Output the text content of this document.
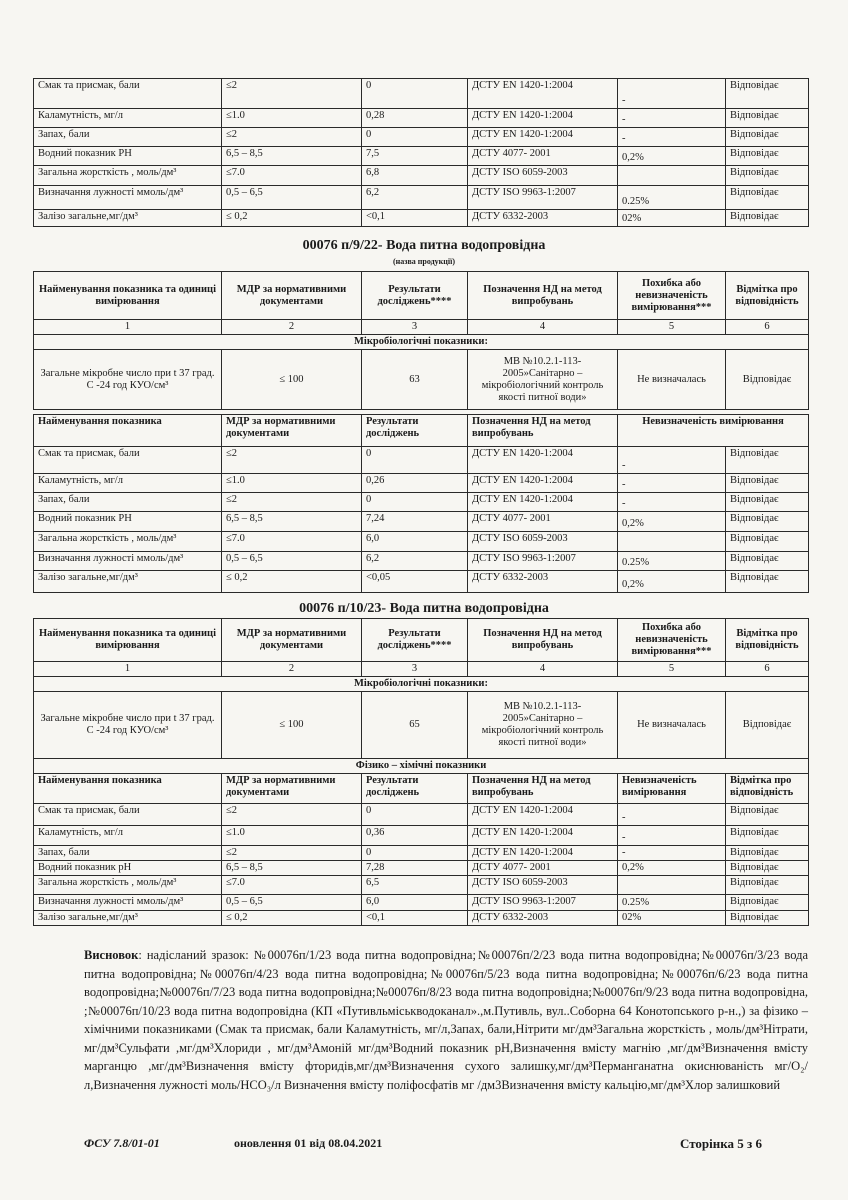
Смак та присмак, бали	≤2	0	ДСТУ EN 1420-1:2004	-	Відповідає
Каламутність, мг/л	≤1.0	0,28	ДСТУ EN 1420-1:2004	-	Відповідає
Запах, бали	≤2	0	ДСТУ EN 1420-1:2004	-	Відповідає
Водний показник PH	6,5 – 8,5	7,5	ДСТУ 4077- 2001	0,2%	Відповідає
Загальна жорсткість , моль/дм³	≤7.0	6,8	ДСТУ ISO 6059-2003		Відповідає
Визначання лужності ммоль/дм³	0,5 – 6,5	6,2	ДСТУ ISO 9963-1:2007	0.25%	Відповідає
Залізо загальне,мг/дм³	≤ 0,2	<0,1	ДСТУ 6332-2003	02%	Відповідає
00076 п/9/22- Вода питна водопровідна
(назва продукції)
Найменування показника та одиниці вимірювання	МДР за нормативними документами	Результати досліджень****	Позначення НД на метод випробувань	Похибка або невизначеність вимірювання***	Відмітка про відповідність
1	2	3	4	5	6
Мікробіологічні показники:					
Загальне мікробне число при t 37 град. С -24 год КУО/см³	≤ 100	63	МВ №10.2.1-113-2005»Санітарно – мікробіологічний контроль якості питної води»	Не визначалась	Відповідає
Найменування показника	МДР за нормативними документами	Результати досліджень	Позначення НД на метод випробувань	Невизначеність вимірювання	
Смак та присмак, бали	≤2	0	ДСТУ EN 1420-1:2004	-	Відповідає
Каламутність, мг/л	≤1.0	0,26	ДСТУ EN 1420-1:2004	-	Відповідає
Запах, бали	≤2	0	ДСТУ EN 1420-1:2004	-	Відповідає
Водний показник PH	6,5 – 8,5	7,24	ДСТУ 4077- 2001	0,2%	Відповідає
Загальна жорсткість , моль/дм³	≤7.0	6,0	ДСТУ ISO 6059-2003		Відповідає
Визначання лужності ммоль/дм³	0,5 – 6,5	6,2	ДСТУ ISO 9963-1:2007	0.25%	Відповідає
Залізо загальне,мг/дм³	≤ 0,2	<0,05	ДСТУ 6332-2003	0,2%	Відповідає
00076 п/10/23- Вода питна водопровідна
Найменування показника та одиниці вимірювання	МДР за нормативними документами	Результати досліджень****	Позначення НД на метод випробувань	Похибка або невизначеність вимірювання***	Відмітка про відповідність
1	2	3	4	5	6
Мікробіологічні показники:					
Загальне мікробне число при t 37 град. С -24 год КУО/см³	≤ 100	65	МВ №10.2.1-113-2005»Санітарно – мікробіологічний контроль якості питної води»	Не визначалась	Відповідає
Фізико – хімічні показники					
Найменування показника	МДР за нормативними документами	Результати досліджень	Позначення НД на метод випробувань	Невизначеність вимірювання	Відмітка про відповідність
Смак та присмак, бали	≤2	0	ДСТУ EN 1420-1:2004	-	Відповідає
Каламутність, мг/л	≤1.0	0,36	ДСТУ EN 1420-1:2004	-	Відповідає
Запах, бали	≤2	0	ДСТУ EN 1420-1:2004	-	Відповідає
Водний показник pH	6,5 – 8,5	7,28	ДСТУ 4077- 2001	0,2%	Відповідає
Загальна жорсткість , моль/дм³	≤7.0	6,5	ДСТУ ISO 6059-2003		Відповідає
Визначання лужності ммоль/дм³	0,5 – 6,5	6,0	ДСТУ ISO 9963-1:2007	0.25%	Відповідає
Залізо загальне,мг/дм³	≤ 0,2	<0,1	ДСТУ 6332-2003	02%	Відповідає
Висновок: надісланий зразок: №00076п/1/23 вода питна водопровідна;№00076п/2/23 вода питна водопровідна;№00076п/3/23 вода питна водопровідна;№00076п/4/23 вода питна водопровідна;№00076п/5/23 вода питна водопровідна;№00076п/6/23 вода питна водопровідна;№00076п/7/23 вода питна водопровідна;№00076п/8/23 вода питна водопровідна;№00076п/9/23 вода питна водопровідна, ;№00076п/10/23 вода питна водопровідна (КП «Путивльміськводоканал».,м.Путивль, вул..Соборна 64 Конотопського р-н.,) за фізико – хімічними показниками (Смак та присмак, бали Каламутність, мг/л,Запах, бали,Нітрити мг/дм³Загальна жорсткість , моль/дм³Нітрати, мг/дм³Сульфати ,мг/дм³Хлориди , мг/дм³Амоній мг/дм³Водний показник pH,Визначення вмісту магнію ,мг/дм³Визначення вмісту марганцю ,мг/дм³Визначення вмісту фторидів,мг/дм³Визначення сухого залишку,мг/дм³Перманганатна окиснюваність мг/О₂/л,Визначення лужності моль/НСО₃/л Визначення вмісту поліфосфатів мг /дм3Визначення вмісту кальцію,мг/дм³Хлор залишковий
ФСУ 7.8/01-01	оновлення 01 від 08.04.2021	Сторінка 5 з 6
